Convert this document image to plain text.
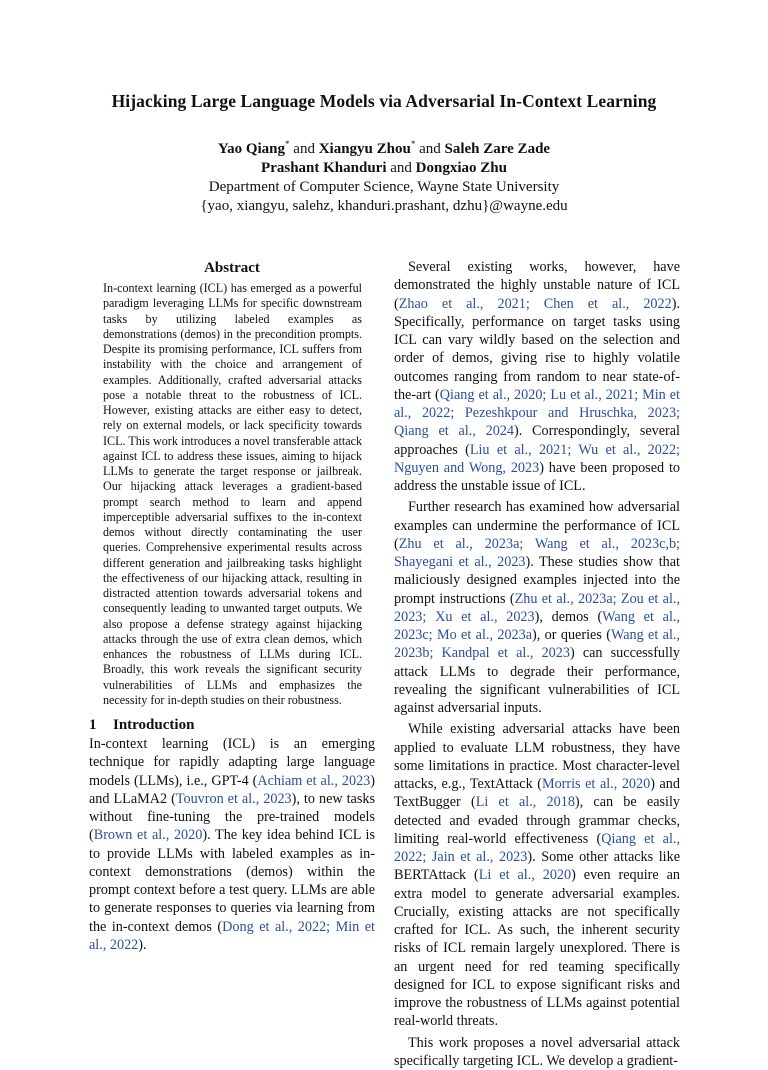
Hijacking Large Language Models via Adversarial In-Context Learning
Yao Qiang* and Xiangyu Zhou* and Saleh Zare Zade
Prashant Khanduri and Dongxiao Zhu
Department of Computer Science, Wayne State University
{yao, xiangyu, salehz, khanduri.prashant, dzhu}@wayne.edu
Abstract
In-context learning (ICL) has emerged as a powerful paradigm leveraging LLMs for specific downstream tasks by utilizing labeled examples as demonstrations (demos) in the precondition prompts. Despite its promising performance, ICL suffers from instability with the choice and arrangement of examples. Additionally, crafted adversarial attacks pose a notable threat to the robustness of ICL. However, existing attacks are either easy to detect, rely on external models, or lack specificity towards ICL. This work introduces a novel transferable attack against ICL to address these issues, aiming to hijack LLMs to generate the target response or jailbreak. Our hijacking attack leverages a gradient-based prompt search method to learn and append imperceptible adversarial suffixes to the in-context demos without directly contaminating the user queries. Comprehensive experimental results across different generation and jailbreaking tasks highlight the effectiveness of our hijacking attack, resulting in distracted attention towards adversarial tokens and consequently leading to unwanted target outputs. We also propose a defense strategy against hijacking attacks through the use of extra clean demos, which enhances the robustness of LLMs during ICL. Broadly, this work reveals the significant security vulnerabilities of LLMs and emphasizes the necessity for in-depth studies on their robustness.
1 Introduction

In-context learning (ICL) is an emerging technique for rapidly adapting large language models (LLMs), i.e., GPT-4 (Achiam et al., 2023) and LLaMA2 (Touvron et al., 2023), to new tasks without fine-tuning the pre-trained models (Brown et al., 2020). The key idea behind ICL is to provide LLMs with labeled examples as in-context demonstrations (demos) within the prompt context before a test query. LLMs are able to generate responses to queries via learning from the in-context demos (Dong et al., 2022; Min et al., 2022).

Several existing works, however, have demonstrated the highly unstable nature of ICL (Zhao et al., 2021; Chen et al., 2022). Specifically, performance on target tasks using ICL can vary wildly based on the selection and order of demos, giving rise to highly volatile outcomes ranging from random to near state-of-the-art (Qiang et al., 2020; Lu et al., 2021; Min et al., 2022; Pezeshkpour and Hruschka, 2023; Qiang et al., 2024). Correspondingly, several approaches (Liu et al., 2021; Wu et al., 2022; Nguyen and Wong, 2023) have been proposed to address the unstable issue of ICL.

Further research has examined how adversarial examples can undermine the performance of ICL (Zhu et al., 2023a; Wang et al., 2023c,b; Shayegani et al., 2023). These studies show that maliciously designed examples injected into the prompt instructions (Zhu et al., 2023a; Zou et al., 2023; Xu et al., 2023), demos (Wang et al., 2023c; Mo et al., 2023a), or queries (Wang et al., 2023b; Kandpal et al., 2023) can successfully attack LLMs to degrade their performance, revealing the significant vulnerabilities of ICL against adversarial inputs.

While existing adversarial attacks have been applied to evaluate LLM robustness, they have some limitations in practice. Most character-level attacks, e.g., TextAttack (Morris et al., 2020) and TextBugger (Li et al., 2018), can be easily detected and evaded through grammar checks, limiting real-world effectiveness (Qiang et al., 2022; Jain et al., 2023). Some other attacks like BERTAttack (Li et al., 2020) even require an extra model to generate adversarial examples. Crucially, existing attacks are not specifically crafted for ICL. As such, the inherent security risks of ICL remain largely unexplored. There is an urgent need for red teaming specifically designed for ICL to expose significant risks and improve the robustness of LLMs against potential real-world threats.

This work proposes a novel adversarial attack specifically targeting ICL. We develop a gradient-
